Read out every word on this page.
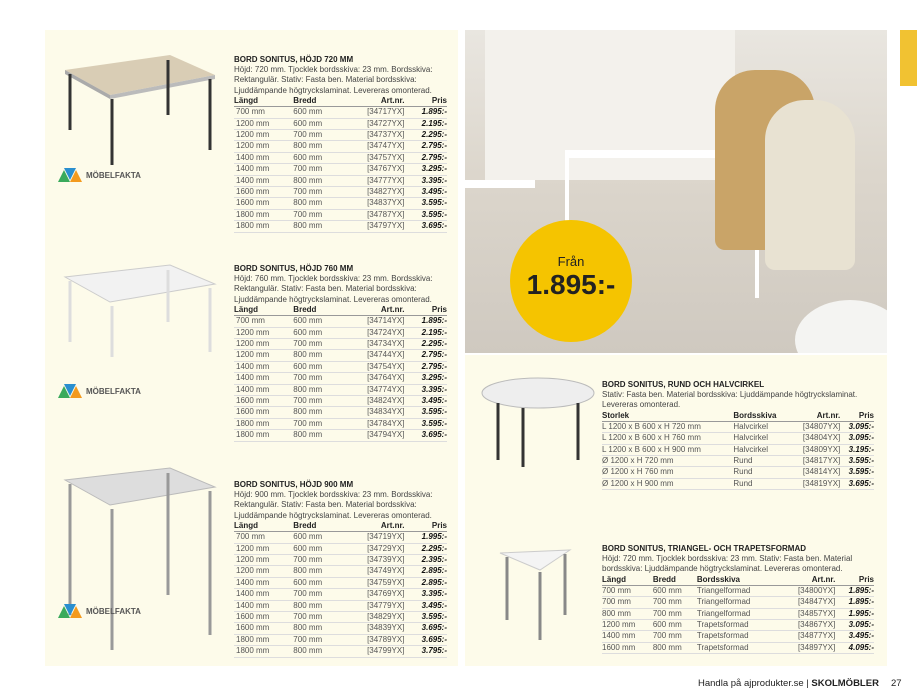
Från
1.895:-
MÖBELFAKTA
MÖBELFAKTA
MÖBELFAKTA
BORD SONITUS, HÖJD 720 MM

Höjd: 720 mm. Tjocklek bordsskiva: 23 mm. Bordsskiva: Rektangulär. Stativ: Fasta ben. Material bordsskiva: Ljuddämpande högtryckslaminat. Levereras omonterad.

Längd	Bredd	Art.nr.	Pris
700 mm	600 mm	[34717YX]	1.895:-
1200 mm	600 mm	[34727YX]	2.195:-
1200 mm	700 mm	[34737YX]	2.295:-
1200 mm	800 mm	[34747YX]	2.795:-
1400 mm	600 mm	[34757YX]	2.795:-
1400 mm	700 mm	[34767YX]	3.295:-
1400 mm	800 mm	[34777YX]	3.395:-
1600 mm	700 mm	[34827YX]	3.495:-
1600 mm	800 mm	[34837YX]	3.595:-
1800 mm	700 mm	[34787YX]	3.595:-
1800 mm	800 mm	[34797YX]	3.695:-
BORD SONITUS, HÖJD 760 MM

Höjd: 760 mm. Tjocklek bordsskiva: 23 mm. Bordsskiva: Rektangulär. Stativ: Fasta ben. Material bordsskiva: Ljuddämpande högtryckslaminat. Levereras omonterad.

Längd	Bredd	Art.nr.	Pris
700 mm	600 mm	[34714YX]	1.895:-
1200 mm	600 mm	[34724YX]	2.195:-
1200 mm	700 mm	[34734YX]	2.295:-
1200 mm	800 mm	[34744YX]	2.795:-
1400 mm	600 mm	[34754YX]	2.795:-
1400 mm	700 mm	[34764YX]	3.295:-
1400 mm	800 mm	[34774YX]	3.395:-
1600 mm	700 mm	[34824YX]	3.495:-
1600 mm	800 mm	[34834YX]	3.595:-
1800 mm	700 mm	[34784YX]	3.595:-
1800 mm	800 mm	[34794YX]	3.695:-
BORD SONITUS, HÖJD 900 MM

Höjd: 900 mm. Tjocklek bordsskiva: 23 mm. Bordsskiva: Rektangulär. Stativ: Fasta ben. Material bordsskiva: Ljuddämpande högtryckslaminat. Levereras omonterad.

Längd	Bredd	Art.nr.	Pris
700 mm	600 mm	[34719YX]	1.995:-
1200 mm	600 mm	[34729YX]	2.295:-
1200 mm	700 mm	[34739YX]	2.395:-
1200 mm	800 mm	[34749YX]	2.895:-
1400 mm	600 mm	[34759YX]	2.895:-
1400 mm	700 mm	[34769YX]	3.395:-
1400 mm	800 mm	[34779YX]	3.495:-
1600 mm	700 mm	[34829YX]	3.595:-
1600 mm	800 mm	[34839YX]	3.695:-
1800 mm	700 mm	[34789YX]	3.695:-
1800 mm	800 mm	[34799YX]	3.795:-
BORD SONITUS, RUND OCH HALVCIRKEL

Stativ: Fasta ben. Material bordsskiva: Ljuddämpande högtryckslaminat. Levereras omonterad.

Storlek	Bordsskiva	Art.nr.	Pris
L 1200 x B 600 x H 720 mm	Halvcirkel	[34807YX]	3.095:-
L 1200 x B 600 x H 760 mm	Halvcirkel	[34804YX]	3.095:-
L 1200 x B 600 x H 900 mm	Halvcirkel	[34809YX]	3.195:-
Ø 1200 x H 720 mm	Rund	[34817YX]	3.595:-
Ø 1200 x H 760 mm	Rund	[34814YX]	3.595:-
Ø 1200 x H 900 mm	Rund	[34819YX]	3.695:-
BORD SONITUS, TRIANGEL- OCH TRAPETSFORMAD

Höjd: 720 mm. Tjocklek bordsskiva: 23 mm. Stativ: Fasta ben. Material bordsskiva: Ljuddämpande högtryckslaminat. Levereras omonterad.

Längd	Bredd	Bordsskiva	Art.nr.	Pris
700 mm	600 mm	Triangelformad	[34800YX]	1.895:-
700 mm	700 mm	Triangelformad	[34847YX]	1.895:-
800 mm	700 mm	Triangelformad	[34857YX]	1.995:-
1200 mm	600 mm	Trapetsformad	[34867YX]	3.095:-
1400 mm	700 mm	Trapetsformad	[34877YX]	3.495:-
1600 mm	800 mm	Trapetsformad	[34897YX]	4.095:-
Handla på ajprodukter.se | SKOLMÖBLER 27
